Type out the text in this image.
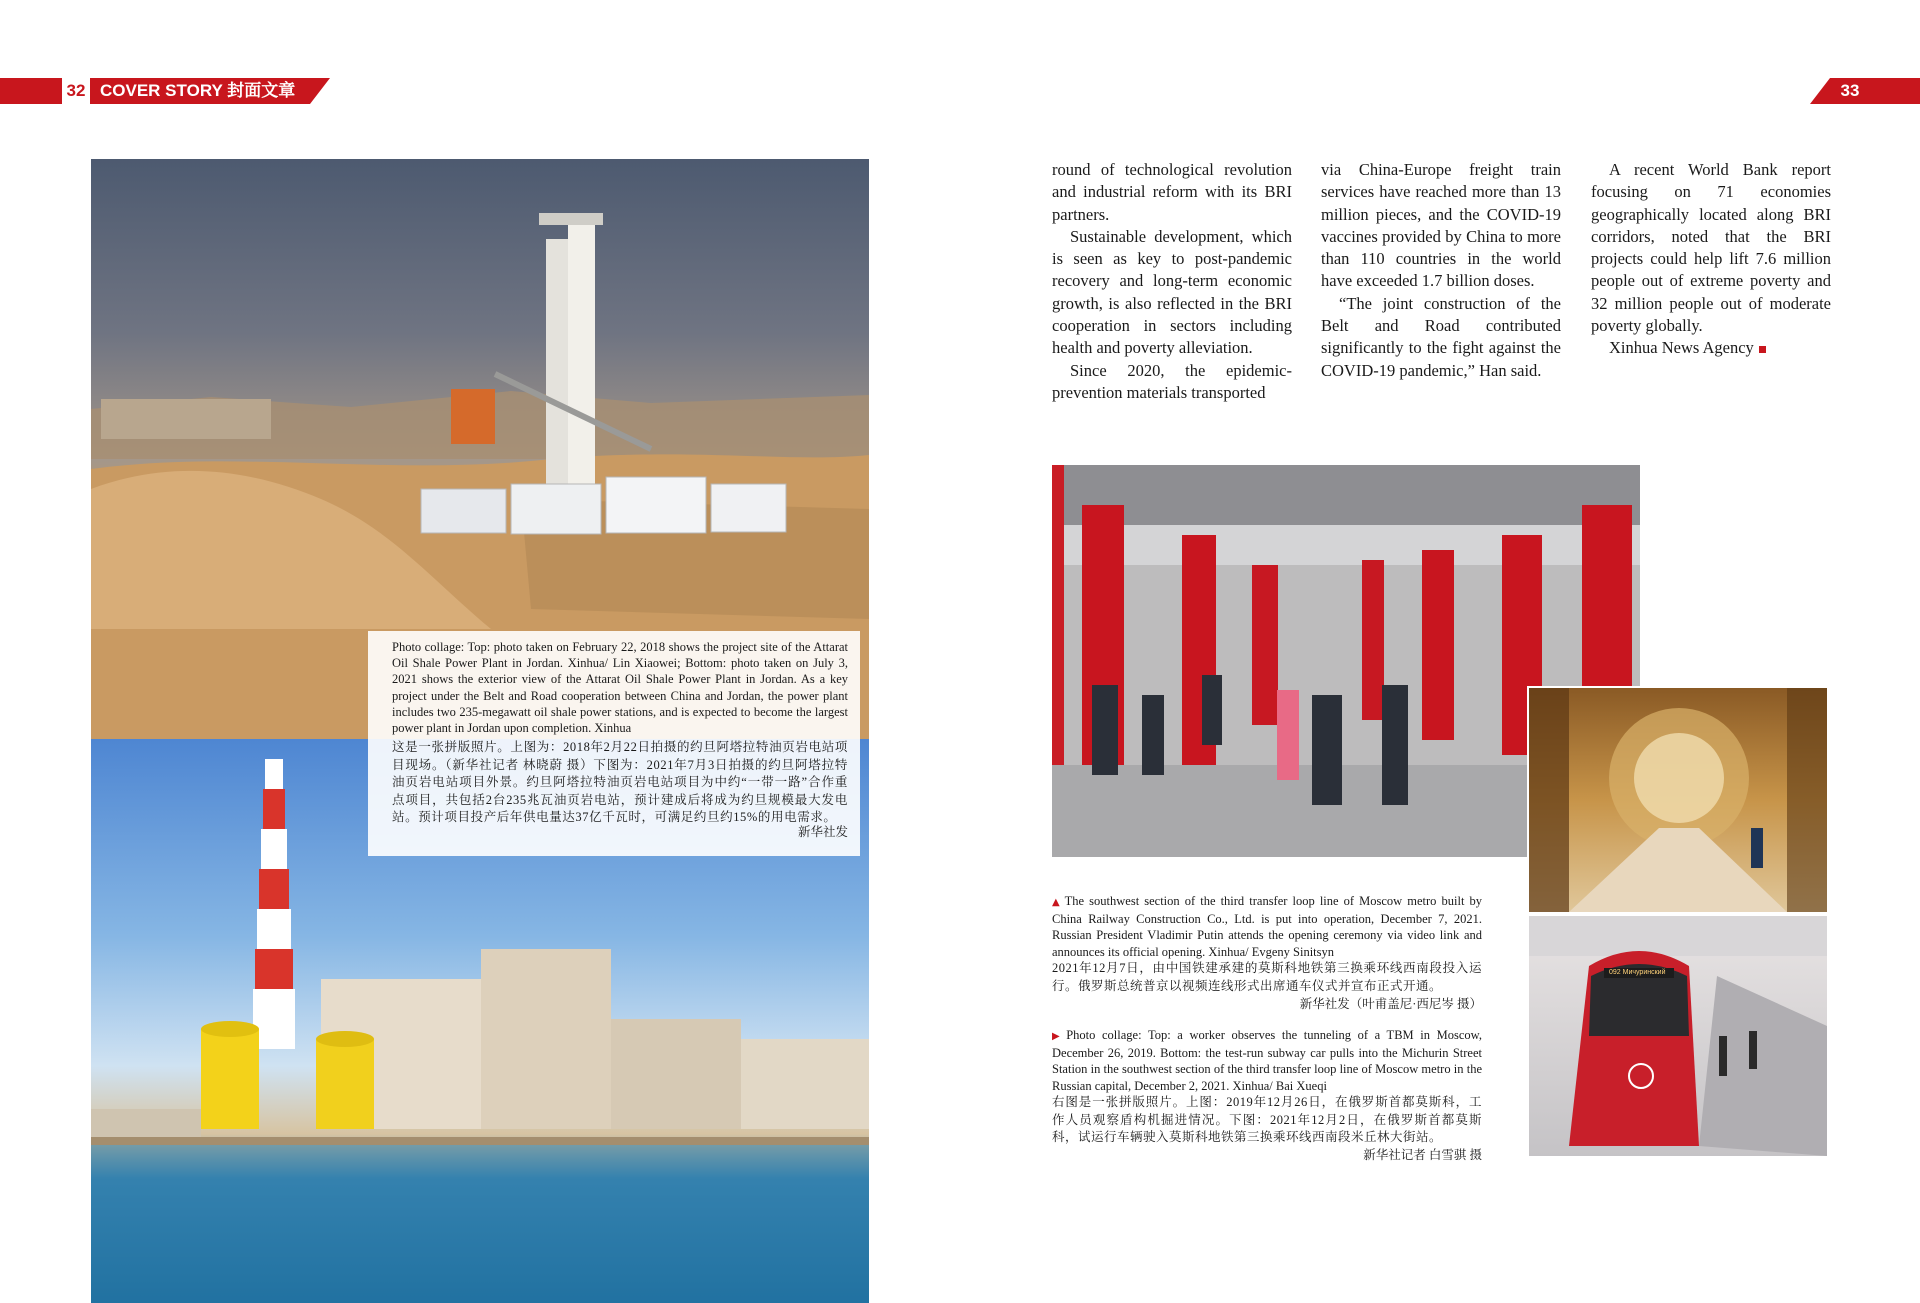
32 COVER STORY 封面文章	33
Photo collage: Top: photo taken on February 22, 2018 shows the project site of the Attarat Oil Shale Power Plant in Jordan. Xinhua/ Lin Xiaowei; Bottom: photo taken on July 3, 2021 shows the exterior view of the Attarat Oil Shale Power Plant in Jordan. As a key project under the Belt and Road cooperation between China and Jordan, the power plant includes two 235-megawatt oil shale power stations, and is expected to become the largest power plant in Jordan upon completion. Xinhua
这是一张拼版照片。上图为：2018年2月22日拍摄的约旦阿塔拉特油页岩电站项目现场。（新华社记者 林晓蔚 摄）下图为：2021年7月3日拍摄的约旦阿塔拉特油页岩电站项目外景。约旦阿塔拉特油页岩电站项目为中约“一带一路”合作重点项目，共包括2台235兆瓦油页岩电站，预计建成后将成为约旦规模最大发电站。预计项目投产后年供电量达37亿千瓦时，可满足约旦约15%的用电需求。
新华社发

round of technological revolution and industrial reform with its BRI partners.

Sustainable development, which is seen as key to post-pandemic recovery and long-term economic growth, is also reflected in the BRI cooperation in sectors including health and poverty alleviation.

Since 2020, the epidemic-prevention materials transported

via China-Europe freight train services have reached more than 13 million pieces, and the COVID-19 vaccines provided by China to more than 110 countries in the world have exceeded 1.7 billion doses.

“The joint construction of the Belt and Road contributed significantly to the fight against the COVID-19 pandemic,” Han said.

A recent World Bank report focusing on 71 economies geographically located along BRI corridors, noted that the BRI projects could help lift 7.6 million people out of extreme poverty and 32 million people out of moderate poverty globally.

Xinhua News Agency

092 Мичуринский
▲ The southwest section of the third transfer loop line of Moscow metro built by China Railway Construction Co., Ltd. is put into operation, December 7, 2021. Russian President Vladimir Putin attends the opening ceremony via video link and announces its official opening. Xinhua/ Evgeny Sinitsyn
2021年12月7日，由中国铁建承建的莫斯科地铁第三换乘环线西南段投入运行。俄罗斯总统普京以视频连线形式出席通车仪式并宣布正式开通。
新华社发（叶甫盖尼·西尼岑 摄）
▶ Photo collage: Top: a worker observes the tunneling of a TBM in Moscow, December 26, 2019. Bottom: the test-run subway car pulls into the Michurin Street Station in the southwest section of the third transfer loop line of Moscow metro in the Russian capital, December 2, 2021. Xinhua/ Bai Xueqi
右图是一张拼版照片。上图：2019年12月26日，在俄罗斯首都莫斯科，工作人员观察盾构机掘进情况。下图：2021年12月2日，在俄罗斯首都莫斯科，试运行车辆驶入莫斯科地铁第三换乘环线西南段米丘林大街站。
新华社记者 白雪骐 摄
